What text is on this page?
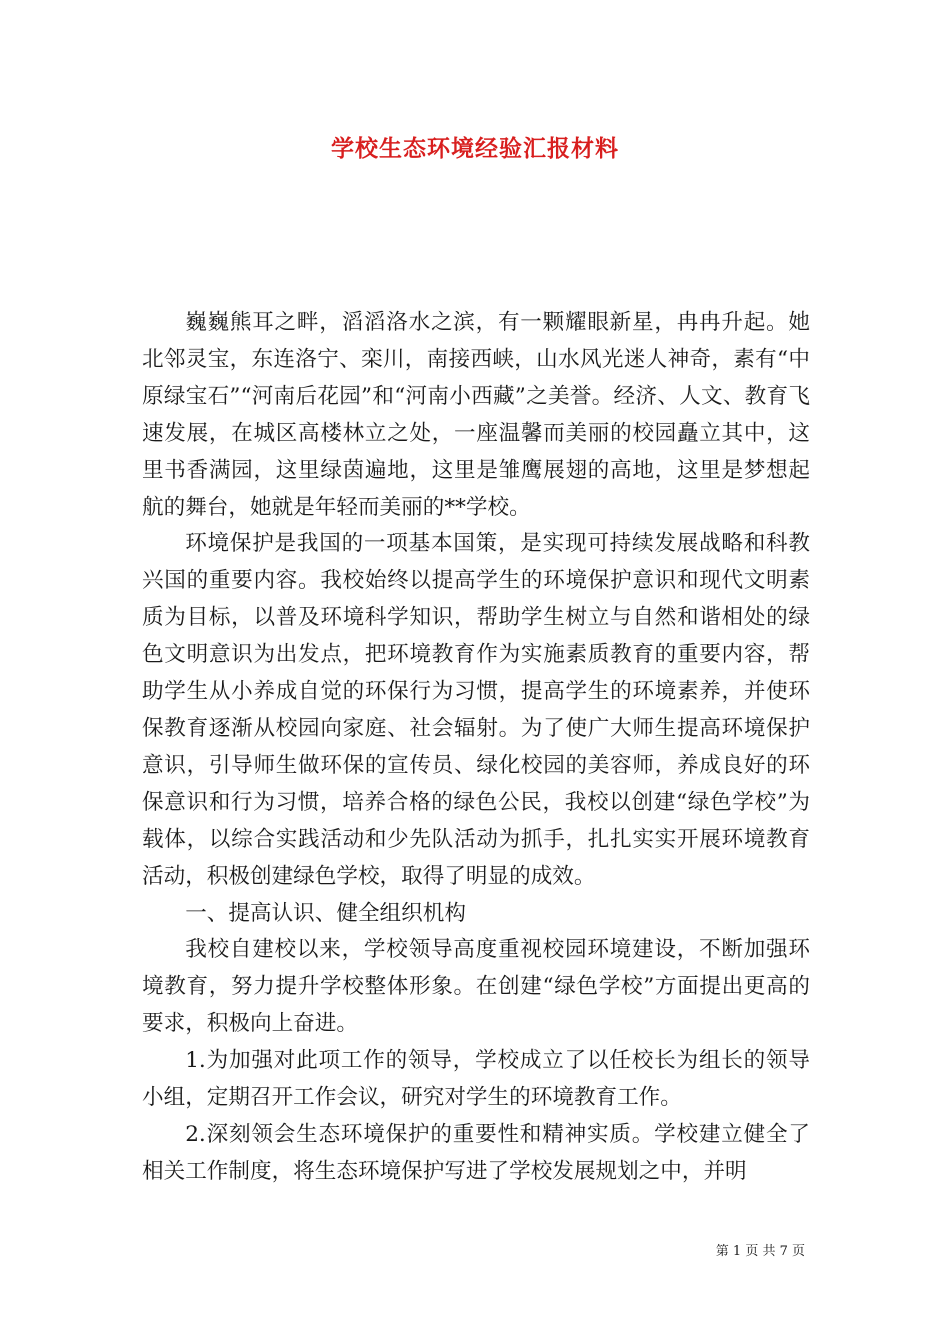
学校生态环境经验汇报材料

巍巍熊耳之畔，滔滔洛水之滨，有一颗耀眼新星，冉冉升起。她北邻灵宝，东连洛宁、栾川，南接西峡，山水风光迷人神奇，素有“中原绿宝石”“河南后花园”和“河南小西藏”之美誉。经济、人文、教育飞速发展，在城区高楼林立之处，一座温馨而美丽的校园矗立其中，这里书香满园，这里绿茵遍地，这里是雏鹰展翅的高地，这里是梦想起航的舞台，她就是年轻而美丽的**学校。

环境保护是我国的一项基本国策，是实现可持续发展战略和科教兴国的重要内容。我校始终以提高学生的环境保护意识和现代文明素质为目标，以普及环境科学知识，帮助学生树立与自然和谐相处的绿色文明意识为出发点，把环境教育作为实施素质教育的重要内容，帮助学生从小养成自觉的环保行为习惯，提高学生的环境素养，并使环保教育逐渐从校园向家庭、社会辐射。为了使广大师生提高环境保护意识，引导师生做环保的宣传员、绿化校园的美容师，养成良好的环保意识和行为习惯，培养合格的绿色公民，我校以创建“绿色学校”为载体，以综合实践活动和少先队活动为抓手，扎扎实实开展环境教育活动，积极创建绿色学校，取得了明显的成效。

一、提高认识、健全组织机构

我校自建校以来，学校领导高度重视校园环境建设，不断加强环境教育，努力提升学校整体形象。在创建“绿色学校”方面提出更高的要求，积极向上奋进。

1.为加强对此项工作的领导，学校成立了以任校长为组长的领导小组，定期召开工作会议，研究对学生的环境教育工作。

2.深刻领会生态环境保护的重要性和精神实质。学校建立健全了相关工作制度，将生态环境保护写进了学校发展规划之中，并明

第 1 页 共 7 页
